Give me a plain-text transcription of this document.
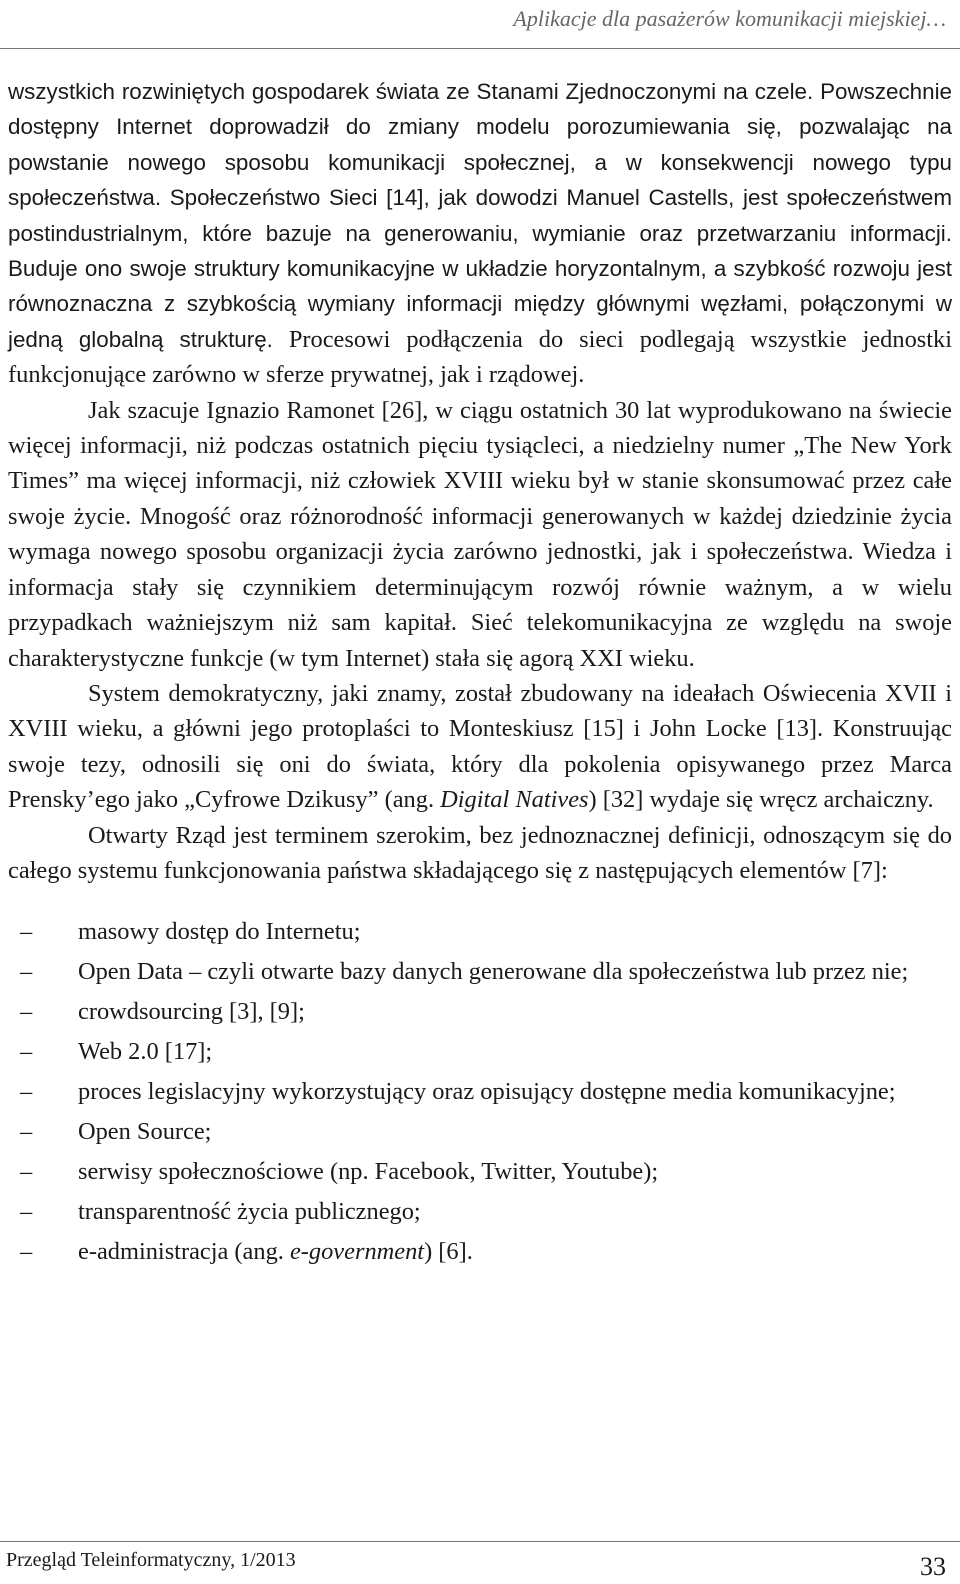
Aplikacje dla pasażerów komunikacji miejskiej…

wszystkich rozwiniętych gospodarek świata ze Stanami Zjednoczonymi na czele. Powszechnie dostępny Internet doprowadził do zmiany modelu porozumiewania się, pozwalając na powstanie nowego sposobu komunikacji społecznej, a w konsekwencji nowego typu społeczeństwa. Społeczeństwo Sieci [14], jak dowodzi Manuel Castells, jest społeczeństwem postindustrialnym, które bazuje na generowaniu, wymianie oraz przetwarzaniu informacji. Buduje ono swoje struktury komunikacyjne w układzie horyzontalnym, a szybkość rozwoju jest równoznaczna z szybkością wymiany informacji między głównymi węzłami, połączonymi w jedną globalną strukturę. Procesowi podłączenia do sieci podlegają wszystkie jednostki funkcjonujące zarówno w sferze prywatnej, jak i rządowej.

Jak szacuje Ignazio Ramonet [26], w ciągu ostatnich 30 lat wyprodukowano na świecie więcej informacji, niż podczas ostatnich pięciu tysiącleci, a niedzielny numer „The New York Times” ma więcej informacji, niż człowiek XVIII wieku był w stanie skonsumować przez całe swoje życie. Mnogość oraz różnorodność informacji generowanych w każdej dziedzinie życia wymaga nowego sposobu organizacji życia zarówno jednostki, jak i społeczeństwa. Wiedza i informacja stały się czynnikiem determinującym rozwój równie ważnym, a w wielu przypadkach ważniejszym niż sam kapitał. Sieć telekomunikacyjna ze względu na swoje charakterystyczne funkcje (w tym Internet) stała się agorą XXI wieku.

System demokratyczny, jaki znamy, został zbudowany na ideałach Oświecenia XVII i XVIII wieku, a główni jego protoplaści to Monteskiusz [15] i John Locke [13]. Konstruując swoje tezy, odnosili się oni do świata, który dla pokolenia opisywanego przez Marca Prensky’ego jako „Cyfrowe Dzikusy” (ang. Digital Natives) [32] wydaje się wręcz archaiczny.

Otwarty Rząd jest terminem szerokim, bez jednoznacznej definicji, odnoszącym się do całego systemu funkcjonowania państwa składającego się z następujących elementów [7]:

– masowy dostęp do Internetu;
– Open Data – czyli otwarte bazy danych generowane dla społeczeństwa lub przez nie;
– crowdsourcing [3], [9];
– Web 2.0 [17];
– proces legislacyjny wykorzystujący oraz opisujący dostępne media komunikacyjne;
– Open Source;
– serwisy społecznościowe (np. Facebook, Twitter, Youtube);
– transparentność życia publicznego;
– e-administracja (ang. e-government) [6].
Przegląd Teleinformatyczny, 1/2013	33
